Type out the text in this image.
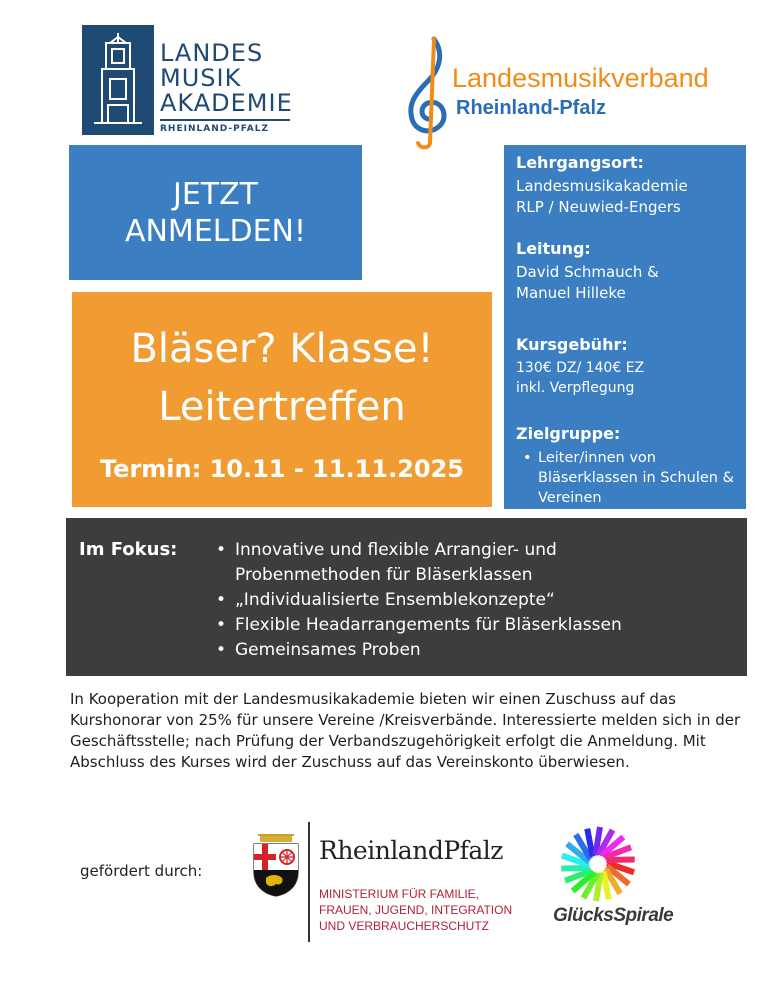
LANDES
MUSIK
AKADEMIE
RHEINLAND-PFALZ
Landesmusikverband
Rheinland-Pfalz
JETZT ANMELDEN!
Bläser? Klasse!
Leitertreffen
Termin: 10.11 - 11.11.2025
Lehrgangsort:
Landesmusikakademie
RLP / Neuwied-Engers
Leitung:
David Schmauch &
Manuel Hilleke
Kursgebühr:
130€ DZ/ 140€ EZ
inkl. Verpflegung
Zielgruppe:
• Leiter/innen von Bläserklassen in Schulen & Vereinen
Im Fokus:
•	Innovative und flexible Arrangier- und Probenmethoden für Bläserklassen
• „Individualisierte Ensemblekonzepte“
• Flexible Headarrangements für Bläserklassen
• Gemeinsames Proben
In Kooperation mit der Landesmusikakademie bieten wir einen Zuschuss auf das Kurshonorar von 25% für unsere Vereine /Kreisverbände. Interessierte melden sich in der Geschäftsstelle; nach Prüfung der Verbandszugehörigkeit erfolgt die Anmeldung. Mit Abschluss des Kurses wird der Zuschuss auf das Vereinskonto überwiesen.
gefördert durch:
RheinlandPfalz
MINISTERIUM FÜR FAMILIE,
FRAUEN, JUGEND, INTEGRATION
UND VERBRAUCHERSCHUTZ	GlücksSpirale
